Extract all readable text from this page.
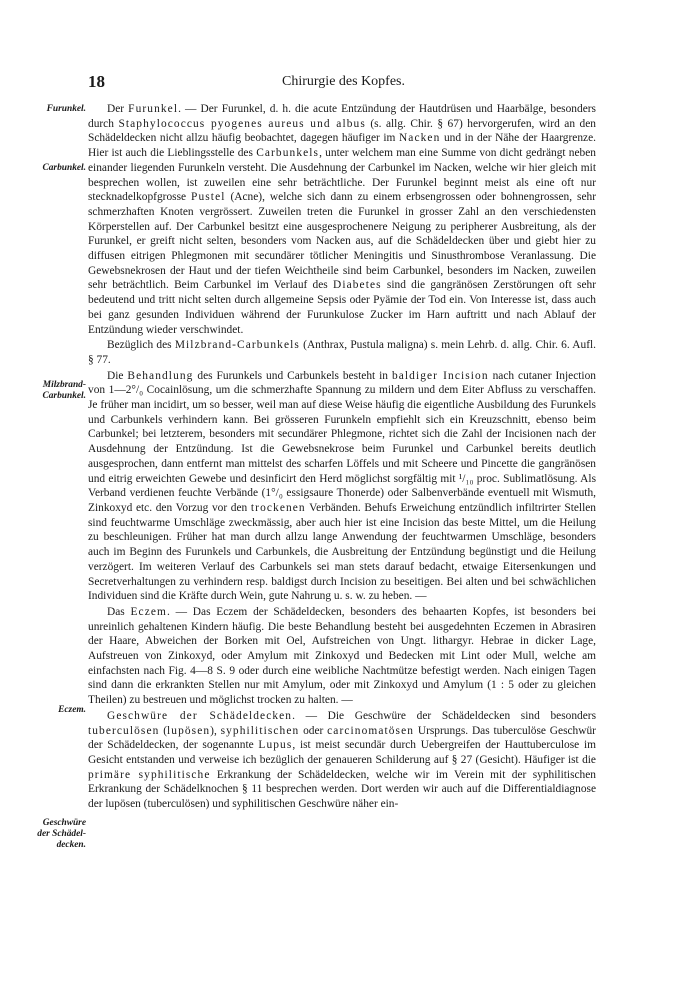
18	Chirurgie des Kopfes.
Furunkel.
Carbunkel.
Milzbrand-
Carbunkel.
Eczem.
Geschwüre
der Schädel-
decken.

Der Furunkel. — Der Furunkel, d. h. die acute Entzündung der Hautdrüsen und Haarbälge, besonders durch Staphylococcus pyogenes aureus und albus (s. allg. Chir. § 67) hervorgerufen, wird an den Schädeldecken nicht allzu häufig beobachtet, dagegen häufiger im Nacken und in der Nähe der Haargrenze. Hier ist auch die Lieblingsstelle des Carbunkels, unter welchem man eine Summe von dicht gedrängt neben einander liegenden Furunkeln versteht. Die Ausdehnung der Carbunkel im Nacken, welche wir hier gleich mit besprechen wollen, ist zuweilen eine sehr beträchtliche. Der Furunkel beginnt meist als eine oft nur stecknadelkopfgrosse Pustel (Acne), welche sich dann zu einem erbsengrossen oder bohnengrossen, sehr schmerzhaften Knoten vergrössert. Zuweilen treten die Furunkel in grosser Zahl an den verschiedensten Körperstellen auf. Der Carbunkel besitzt eine ausgesprochenere Neigung zu peripherer Ausbreitung, als der Furunkel, er greift nicht selten, besonders vom Nacken aus, auf die Schädeldecken über und giebt hier zu diffusen eitrigen Phlegmonen mit secundärer tötlicher Meningitis und Sinusthrombose Veranlassung. Die Gewebsnekrosen der Haut und der tiefen Weichtheile sind beim Carbunkel, besonders im Nacken, zuweilen sehr beträchtlich. Beim Carbunkel im Verlauf des Diabetes sind die gangränösen Zerstörungen oft sehr bedeutend und tritt nicht selten durch allgemeine Sepsis oder Pyämie der Tod ein. Von Interesse ist, dass auch bei ganz gesunden Individuen während der Furunkulose Zucker im Harn auftritt und nach Ablauf der Entzündung wieder verschwindet.

Bezüglich des Milzbrand-Carbunkels (Anthrax, Pustula maligna) s. mein Lehrb. d. allg. Chir. 6. Aufl. § 77.

Die Behandlung des Furunkels und Carbunkels besteht in baldiger Incision nach cutaner Injection von 1—2°/₀ Cocainlösung, um die schmerzhafte Spannung zu mildern und dem Eiter Abfluss zu verschaffen. Je früher man incidirt, um so besser, weil man auf diese Weise häufig die eigentliche Ausbildung des Furunkels und Carbunkels verhindern kann. Bei grösseren Furunkeln empfiehlt sich ein Kreuzschnitt, ebenso beim Carbunkel; bei letzterem, besonders mit secundärer Phlegmone, richtet sich die Zahl der Incisionen nach der Ausdehnung der Entzündung. Ist die Gewebsnekrose beim Furunkel und Carbunkel bereits deutlich ausgesprochen, dann entfernt man mittelst des scharfen Löffels und mit Scheere und Pincette die gangränösen und eitrig erweichten Gewebe und desinficirt den Herd möglichst sorgfältig mit ¹/₁₀ proc. Sublimatlösung. Als Verband verdienen feuchte Verbände (1°/₀ essigsaure Thonerde) oder Salbenverbände eventuell mit Wismuth, Zinkoxyd etc. den Vorzug vor den trockenen Verbänden. Behufs Erweichung entzündlich infiltrirter Stellen sind feuchtwarme Umschläge zweckmässig, aber auch hier ist eine Incision das beste Mittel, um die Heilung zu beschleunigen. Früher hat man durch allzu lange Anwendung der feuchtwarmen Umschläge, besonders auch im Beginn des Furunkels und Carbunkels, die Ausbreitung der Entzündung begünstigt und die Heilung verzögert. Im weiteren Verlauf des Carbunkels sei man stets darauf bedacht, etwaige Eitersenkungen und Secretverhaltungen zu verhindern resp. baldigst durch Incision zu beseitigen. Bei alten und bei schwächlichen Individuen sind die Kräfte durch Wein, gute Nahrung u. s. w. zu heben. —

Das Eczem. — Das Eczem der Schädeldecken, besonders des behaarten Kopfes, ist besonders bei unreinlich gehaltenen Kindern häufig. Die beste Behandlung besteht bei ausgedehnten Eczemen in Abrasiren der Haare, Abweichen der Borken mit Oel, Aufstreichen von Ungt. lithargyr. Hebrae in dicker Lage, Aufstreuen von Zinkoxyd, oder Amylum mit Zinkoxyd und Bedecken mit Lint oder Mull, welche am einfachsten nach Fig. 4—8 S. 9 oder durch eine weibliche Nachtmütze befestigt werden. Nach einigen Tagen sind dann die erkrankten Stellen nur mit Amylum, oder mit Zinkoxyd und Amylum (1 : 5 oder zu gleichen Theilen) zu bestreuen und möglichst trocken zu halten. —

Geschwüre der Schädeldecken. — Die Geschwüre der Schädeldecken sind besonders tuberculösen (lupösen), syphilitischen oder carcinomatösen Ursprungs. Das tuberculöse Geschwür der Schädeldecken, der sogenannte Lupus, ist meist secundär durch Uebergreifen der Hauttuberculose im Gesicht entstanden und verweise ich bezüglich der genaueren Schilderung auf § 27 (Gesicht). Häufiger ist die primäre syphilitische Erkrankung der Schädeldecken, welche wir im Verein mit der syphilitischen Erkrankung der Schädelknochen § 11 besprechen werden. Dort werden wir auch auf die Differentialdiagnose der lupösen (tuberculösen) und syphilitischen Geschwüre näher ein-
